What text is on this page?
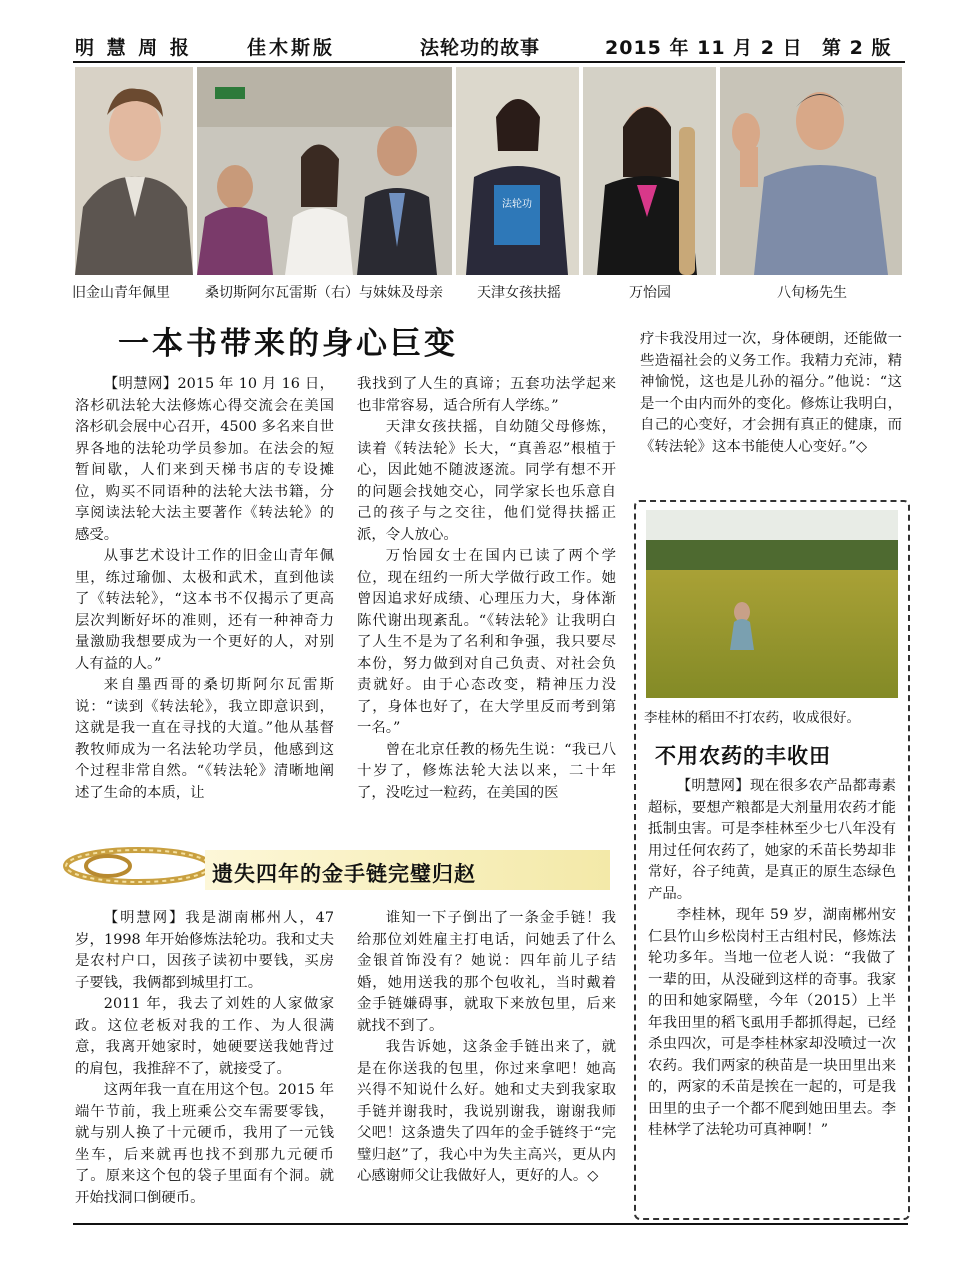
明 慧 周 报	佳木斯版	法轮功的故事	2015 年 11 月 2 日 第 2 版
法轮功
旧金山青年佩里	桑切斯阿尔瓦雷斯（右）与妹妹及母亲 天津女孩扶摇	万怡园	八旬杨先生
一本书带来的身心巨变

【明慧网】2015 年 10 月 16 日，洛杉矶法轮大法修炼心得交流会在美国洛杉矶会展中心召开，4500 多名来自世界各地的法轮功学员参加。在法会的短暂间歇，人们来到天梯书店的专设摊位，购买不同语种的法轮大法书籍，分享阅读法轮大法主要著作《转法轮》的感受。

从事艺术设计工作的旧金山青年佩里，练过瑜伽、太极和武术，直到他读了《转法轮》，“这本书不仅揭示了更高层次判断好坏的准则，还有一种神奇力量激励我想要成为一个更好的人，对别人有益的人。”

来自墨西哥的桑切斯阿尔瓦雷斯说：“读到《转法轮》，我立即意识到，这就是我一直在寻找的大道。”他从基督教牧师成为一名法轮功学员，他感到这个过程非常自然。“《转法轮》清晰地阐述了生命的本质，让

我找到了人生的真谛；五套功法学起来也非常容易，适合所有人学练。”

天津女孩扶摇，自幼随父母修炼，读着《转法轮》长大，“真善忍”根植于心，因此她不随波逐流。同学有想不开的问题会找她交心，同学家长也乐意自己的孩子与之交往，他们觉得扶摇正派，令人放心。

万怡园女士在国内已读了两个学位，现在纽约一所大学做行政工作。她曾因追求好成绩、心理压力大，身体渐陈代谢出现紊乱。“《转法轮》让我明白了人生不是为了名利和争强，我只要尽本份，努力做到对自己负责、对社会负责就好。由于心态改变，精神压力没了，身体也好了，在大学里反而考到第一名。”

曾在北京任教的杨先生说：“我已八十岁了，修炼法轮大法以来，二十年了，没吃过一粒药，在美国的医

疗卡我没用过一次，身体硬朗，还能做一些造福社会的义务工作。我精力充沛，精神愉悦，这也是儿孙的福分。”他说：“这是一个由内而外的变化。修炼让我明白，自己的心变好，才会拥有真正的健康，而《转法轮》这本书能使人心变好。”◇

遗失四年的金手链完璧归赵

【明慧网】我是湖南郴州人，47 岁，1998 年开始修炼法轮功。我和丈夫是农村户口，因孩子读初中要钱，买房子要钱，我俩都到城里打工。

2011 年，我去了刘姓的人家做家政。这位老板对我的工作、为人很满意，我离开她家时，她硬要送我她背过的肩包，我推辞不了，就接受了。

这两年我一直在用这个包。2015 年端午节前，我上班乘公交车需要零钱，就与别人换了十元硬币，我用了一元钱坐车，后来就再也找不到那九元硬币了。原来这个包的袋子里面有个洞。就开始找洞口倒硬币。

谁知一下子倒出了一条金手链！我给那位刘姓雇主打电话，问她丢了什么金银首饰没有？她说：四年前儿子结婚，她用送我的那个包收礼，当时戴着金手链嫌碍事，就取下来放包里，后来就找不到了。

我告诉她，这条金手链出来了，就是在你送我的包里，你过来拿吧！她高兴得不知说什么好。她和丈夫到我家取手链并谢我时，我说别谢我，谢谢我师父吧！这条遗失了四年的金手链终于“完璧归赵”了，我心中为失主高兴，更从内心感谢师父让我做好人，更好的人。◇

李桂林的稻田不打农药，收成很好。
不用农药的丰收田

【明慧网】现在很多农产品都毒素超标，要想产粮都是大剂量用农药才能抵制虫害。可是李桂林至少七八年没有用过任何农药了，她家的禾苗长势却非常好，谷子纯黄，是真正的原生态绿色产品。

李桂林，现年 59 岁，湖南郴州安仁县竹山乡松岗村王古组村民，修炼法轮功多年。当地一位老人说：“我做了一辈的田，从没碰到这样的奇事。我家的田和她家隔壁，今年（2015）上半年我田里的稻飞虱用手都抓得起，已经杀虫四次，可是李桂林家却没喷过一次农药。我们两家的秧苗是一块田里出来的，两家的禾苗是挨在一起的，可是我田里的虫子一个都不爬到她田里去。李桂林学了法轮功可真神啊！”
